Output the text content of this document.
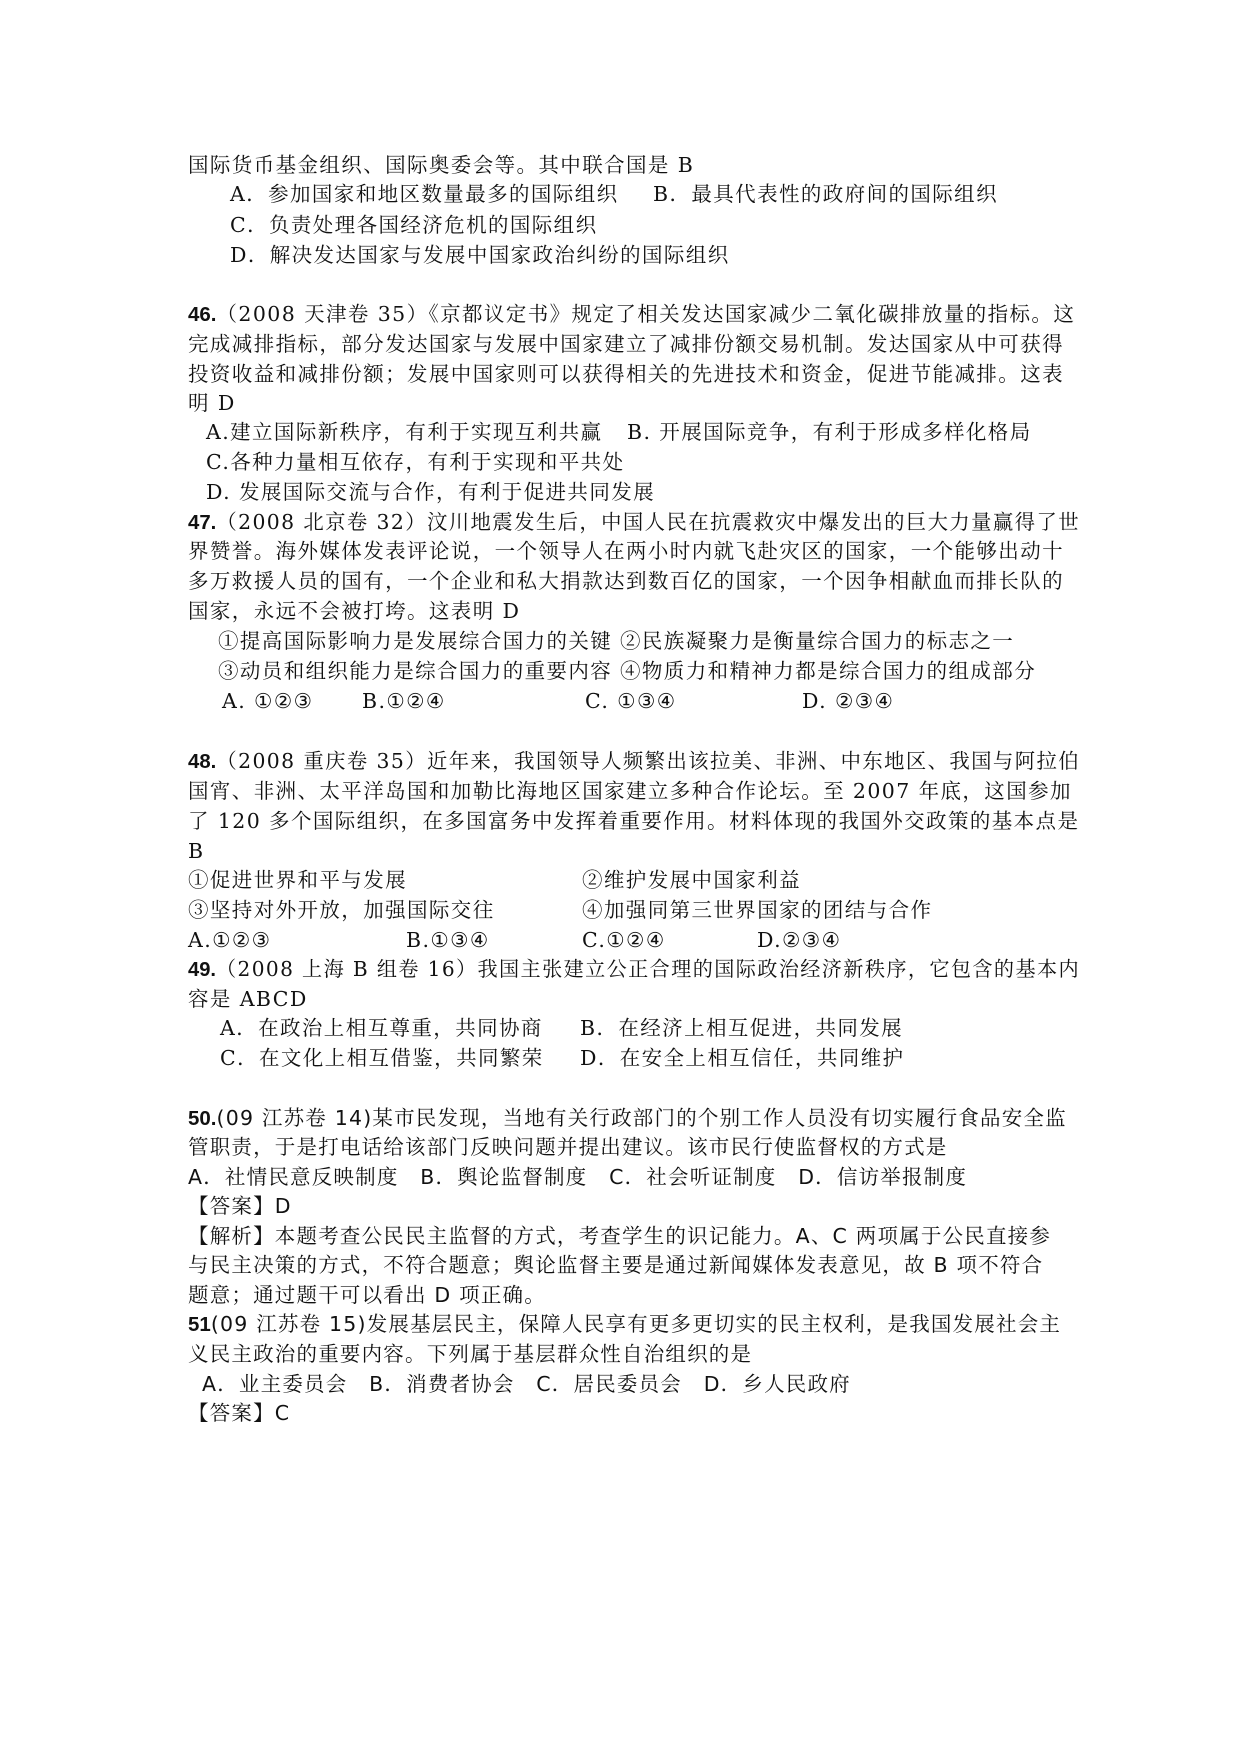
国际货币基金组织、国际奥委会等。其中联合国是 B
A．参加国家和地区数量最多的国际组织 B．最具代表性的政府间的国际组织
C．负责处理各国经济危机的国际组织
D．解决发达国家与发展中国家政治纠纷的国际组织
46.（2008 天津卷 35）《京都议定书》规定了相关发达国家减少二氧化碳排放量的指标。这
完成减排指标，部分发达国家与发展中国家建立了减排份额交易机制。发达国家从中可获得
投资收益和减排份额；发展中国家则可以获得相关的先进技术和资金，促进节能减排。这表
明 D
A.建立国际新秩序，有利于实现互利共赢 B. 开展国际竞争，有利于形成多样化格局
C.各种力量相互依存，有利于实现和平共处
D. 发展国际交流与合作，有利于促进共同发展
47.（2008 北京卷 32）汶川地震发生后，中国人民在抗震救灾中爆发出的巨大力量赢得了世
界赞誉。海外媒体发表评论说，一个领导人在两小时内就飞赴灾区的国家，一个能够出动十
多万救援人员的国有，一个企业和私大捐款达到数百亿的国家，一个因争相献血而排长队的
国家，永远不会被打垮。这表明 D
①提高国际影响力是发展综合国力的关键 ②民族凝聚力是衡量综合国力的标志之一
③动员和组织能力是综合国力的重要内容 ④物质力和精神力都是综合国力的组成部分
A. ①②③ B.①②④	C. ①③④	D. ②③④
48.（2008 重庆卷 35）近年来，我国领导人频繁出该拉美、非洲、中东地区、我国与阿拉伯
国宵、非洲、太平洋岛国和加勒比海地区国家建立多种合作论坛。至 2007 年底，这国参加
了 120 多个国际组织，在多国富务中发挥着重要作用。材料体现的我国外交政策的基本点是
B
①促进世界和平与发展	②维护发展中国家利益
③坚持对外开放，加强国际交往	④加强同第三世界国家的团结与合作
A.①②③	B.①③④	C.①②④	D.②③④
49.（2008 上海 B 组卷 16）我国主张建立公正合理的国际政治经济新秩序，它包含的基本内
容是 ABCD
A．在政治上相互尊重，共同协商 B．在经济上相互促进，共同发展
C．在文化上相互借鉴，共同繁荣 D．在安全上相互信任，共同维护
50.(09 江苏卷 14)某市民发现，当地有关行政部门的个别工作人员没有切实履行食品安全监
管职责，于是打电话给该部门反映问题并提出建议。该市民行使监督权的方式是
A．社情民意反映制度　B．舆论监督制度　C．社会听证制度　D．信访举报制度
【答案】D
【解析】本题考查公民民主监督的方式，考查学生的识记能力。A、C 两项属于公民直接参
与民主决策的方式，不符合题意；舆论监督主要是通过新闻媒体发表意见，故 B 项不符合
题意；通过题干可以看出 D 项正确。
51(09 江苏卷 15)发展基层民主，保障人民享有更多更切实的民主权利，是我国发展社会主
义民主政治的重要内容。下列属于基层群众性自治组织的是
A．业主委员会　B．消费者协会　C．居民委员会　D．乡人民政府
【答案】C
